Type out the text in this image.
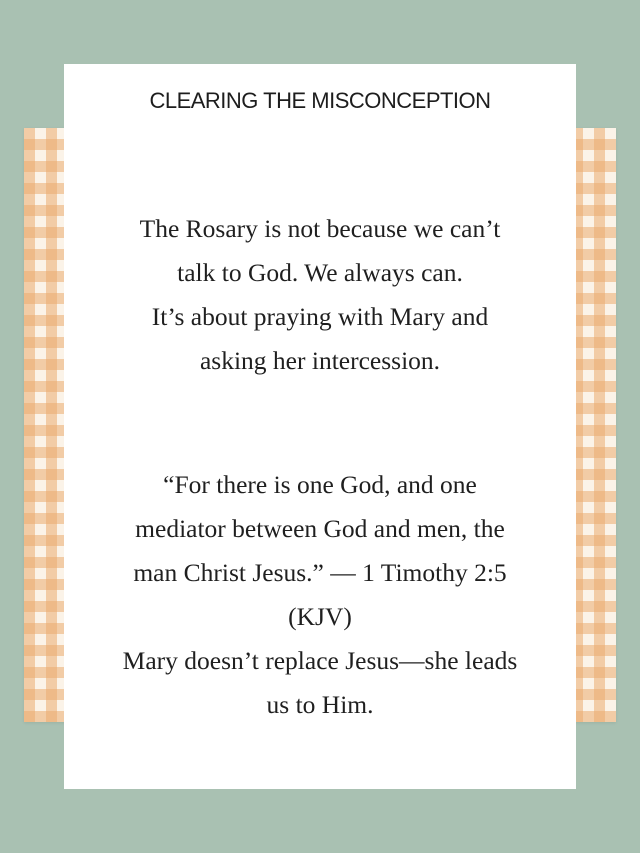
CLEARING THE MISCONCEPTION

The Rosary is not because we can’t
talk to God. We always can.
It’s about praying with Mary and
asking her intercession.

“For there is one God, and one
mediator between God and men, the
man Christ Jesus.” — 1 Timothy 2:5
(KJV)
Mary doesn’t replace Jesus—she leads
us to Him.
